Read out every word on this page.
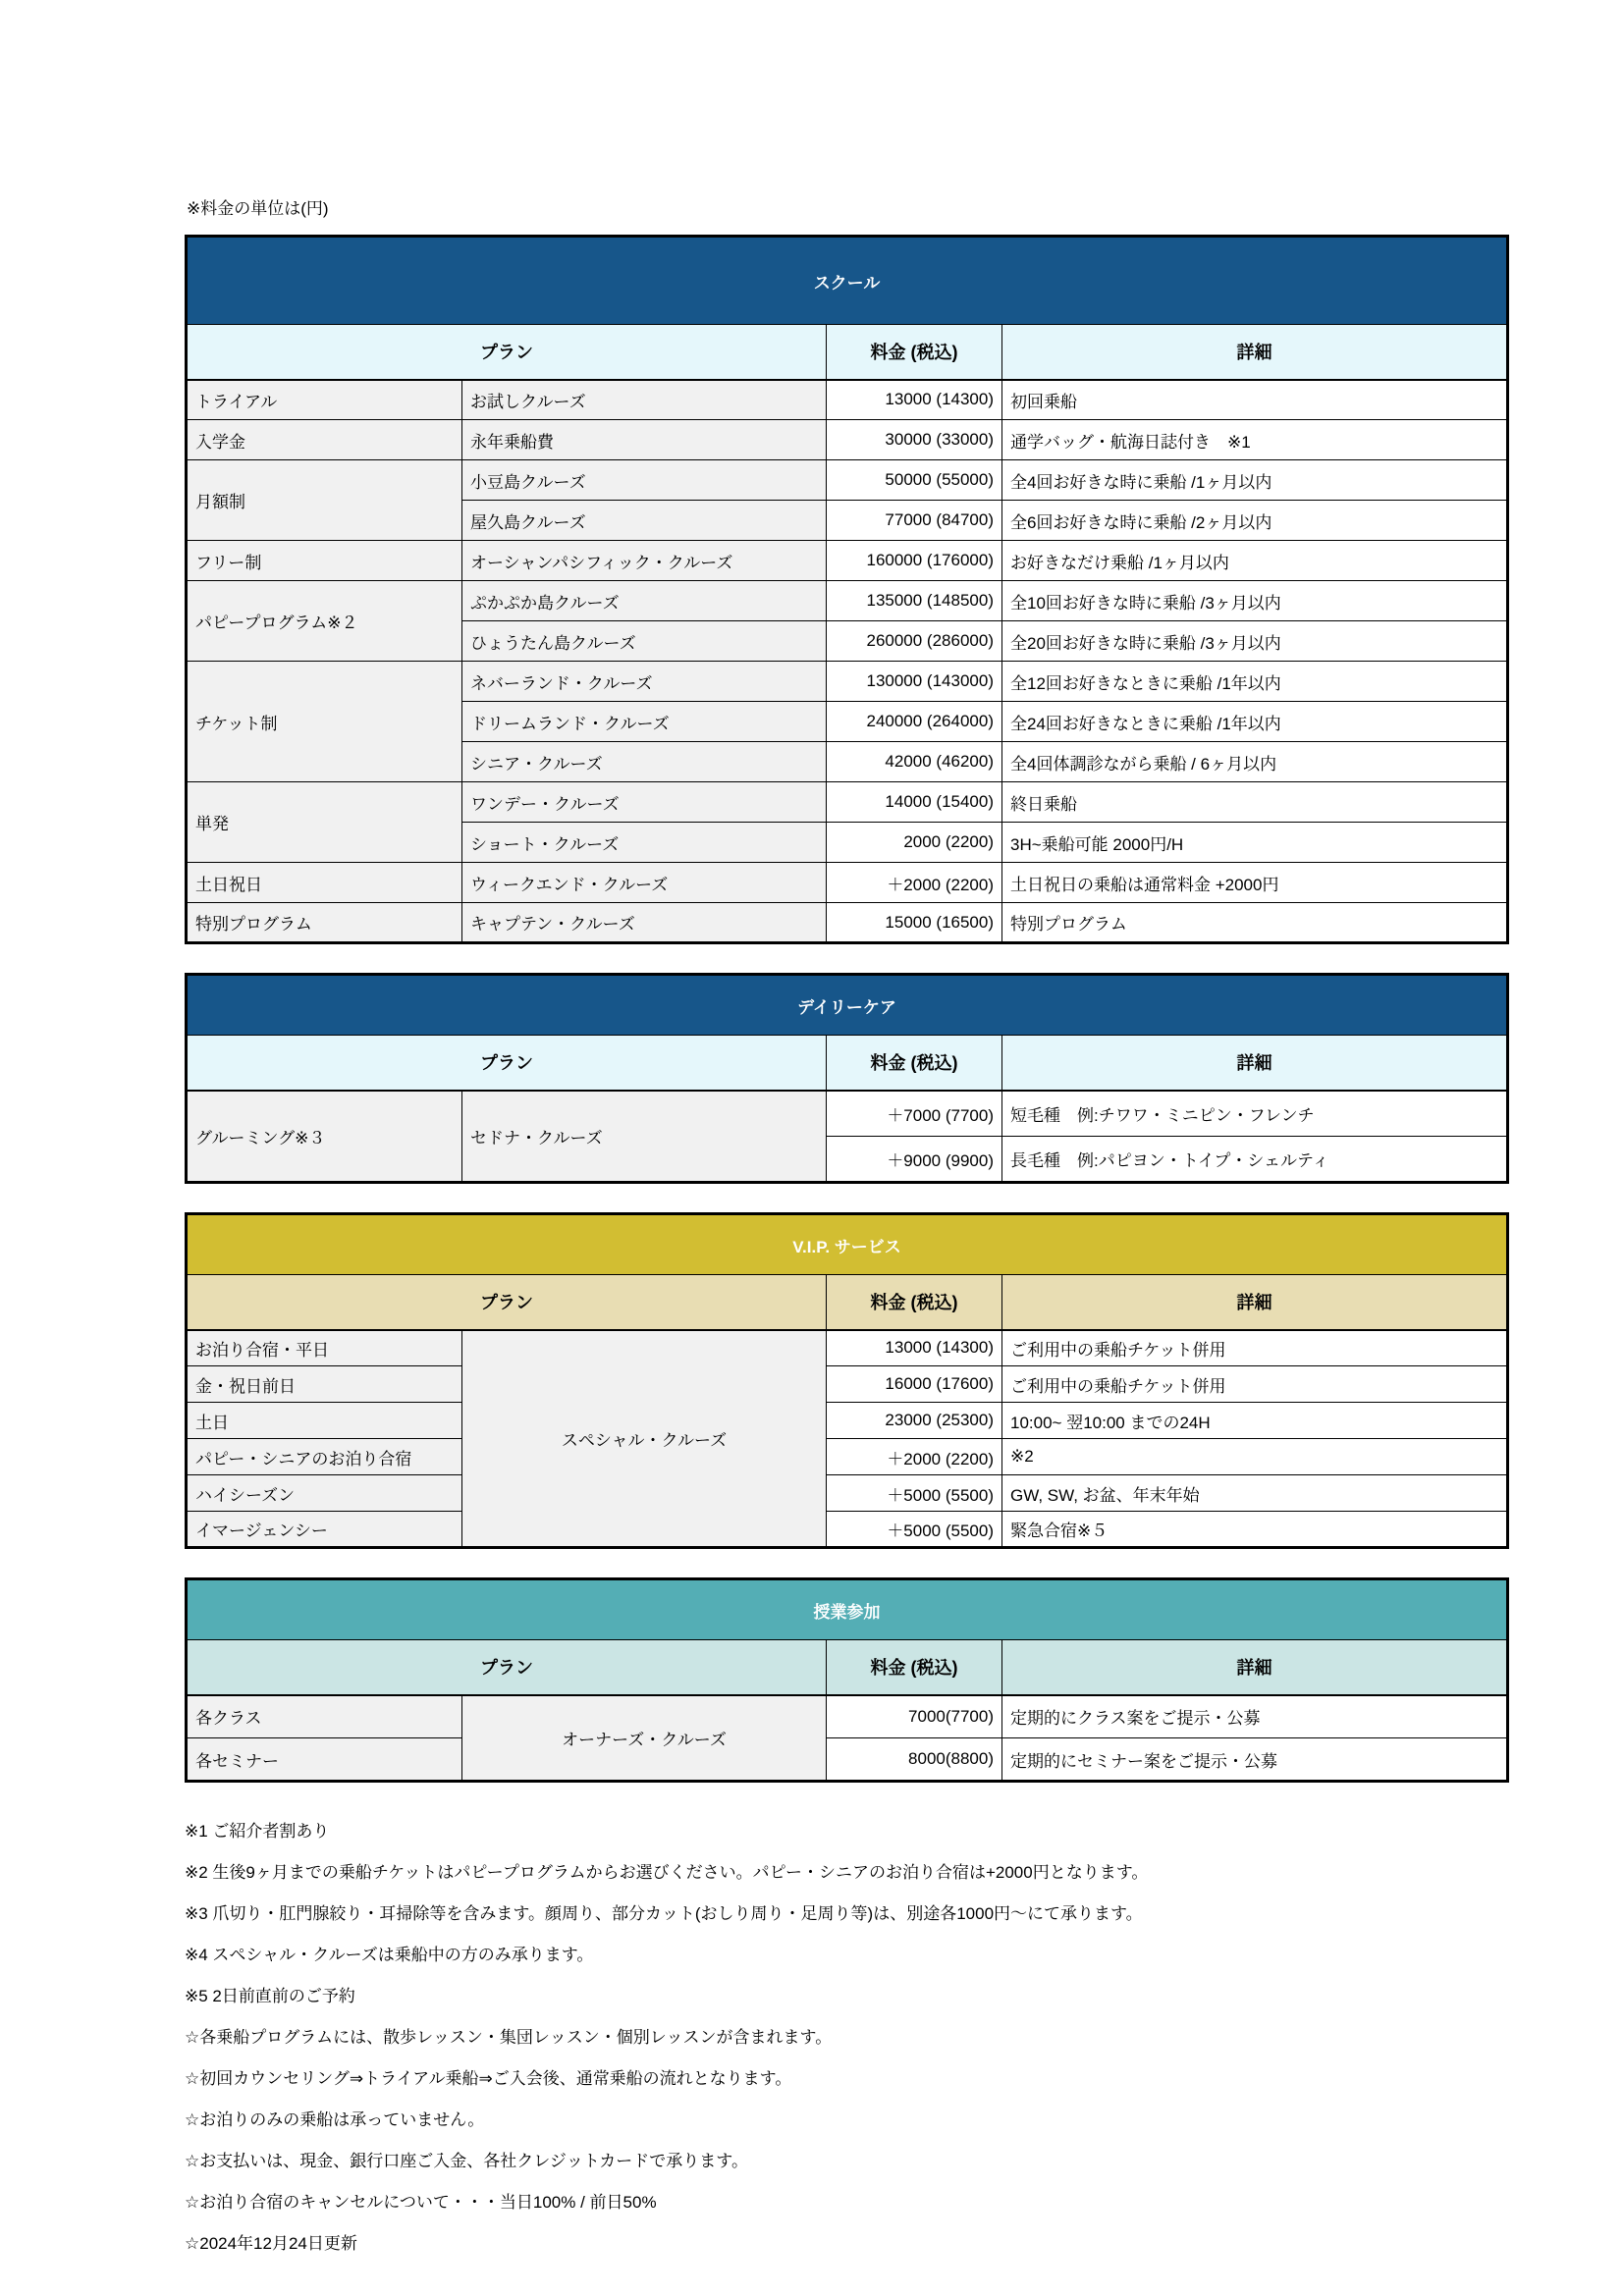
※料金の単位は(円)

スクール			
プラン		料金 (税込)	詳細
トライアル	お試しクルーズ	13000 (14300)	初回乗船
入学金	永年乗船費	30000 (33000)	通学バッグ・航海日誌付き　※1
月額制	小豆島クルーズ	50000 (55000)	全4回お好きな時に乗船 /1ヶ月以内
	屋久島クルーズ	77000 (84700)	全6回お好きな時に乗船 /2ヶ月以内
フリー制	オーシャンパシフィック・クルーズ	160000 (176000)	お好きなだけ乗船 /1ヶ月以内
パピープログラム※２	ぷかぷか島クルーズ	135000 (148500)	全10回お好きな時に乗船 /3ヶ月以内
	ひょうたん島クルーズ	260000 (286000)	全20回お好きな時に乗船 /3ヶ月以内
チケット制	ネバーランド・クルーズ	130000 (143000)	全12回お好きなときに乗船 /1年以内
	ドリームランド・クルーズ	240000 (264000)	全24回お好きなときに乗船 /1年以内
	シニア・クルーズ	42000 (46200)	全4回体調診ながら乗船 / 6ヶ月以内
単発	ワンデー・クルーズ	14000 (15400)	終日乗船
	ショート・クルーズ	2000 (2200)	3H~乗船可能 2000円/H
土日祝日	ウィークエンド・クルーズ	＋2000 (2200)	土日祝日の乗船は通常料金 +2000円
特別プログラム	キャプテン・クルーズ	15000 (16500)	特別プログラム
デイリーケア			
プラン		料金 (税込)	詳細
グルーミング※３	セドナ・クルーズ	＋7000 (7700)	短毛種　例:チワワ・ミニピン・フレンチ
		＋9000 (9900)	長毛種　例:パピヨン・トイプ・シェルティ
V.I.P. サービス			
プラン		料金 (税込)	詳細
お泊り合宿・平日	スペシャル・クルーズ	13000 (14300)	ご利用中の乗船チケット併用
金・祝日前日		16000 (17600)	ご利用中の乗船チケット併用
土日		23000 (25300)	10:00~ 翌10:00 までの24H
パピー・シニアのお泊り合宿		＋2000 (2200)	※2
ハイシーズン		＋5000 (5500)	GW, SW, お盆、年末年始
イマージェンシー		＋5000 (5500)	緊急合宿※５
授業参加			
プラン		料金 (税込)	詳細
各クラス	オーナーズ・クルーズ	7000(7700)	定期的にクラス案をご提示・公募
各セミナー		8000(8800)	定期的にセミナー案をご提示・公募
※1 ご紹介者割あり
※2 生後9ヶ月までの乗船チケットはパピープログラムからお選びください。パピー・シニアのお泊り合宿は+2000円となります。
※3 爪切り・肛門腺絞り・耳掃除等を含みます。顔周り、部分カット(おしり周り・足周り等)は、別途各1000円～にて承ります。
※4 スペシャル・クルーズは乗船中の方のみ承ります。
※5 2日前直前のご予約
☆各乗船プログラムには、散歩レッスン・集団レッスン・個別レッスンが含まれます。
☆初回カウンセリング⇒トライアル乗船⇒ご入会後、通常乗船の流れとなります。
☆お泊りのみの乗船は承っていません。
☆お支払いは、現金、銀行口座ご入金、各社クレジットカードで承ります。
☆お泊り合宿のキャンセルについて・・・当日100% / 前日50%
☆2024年12月24日更新
